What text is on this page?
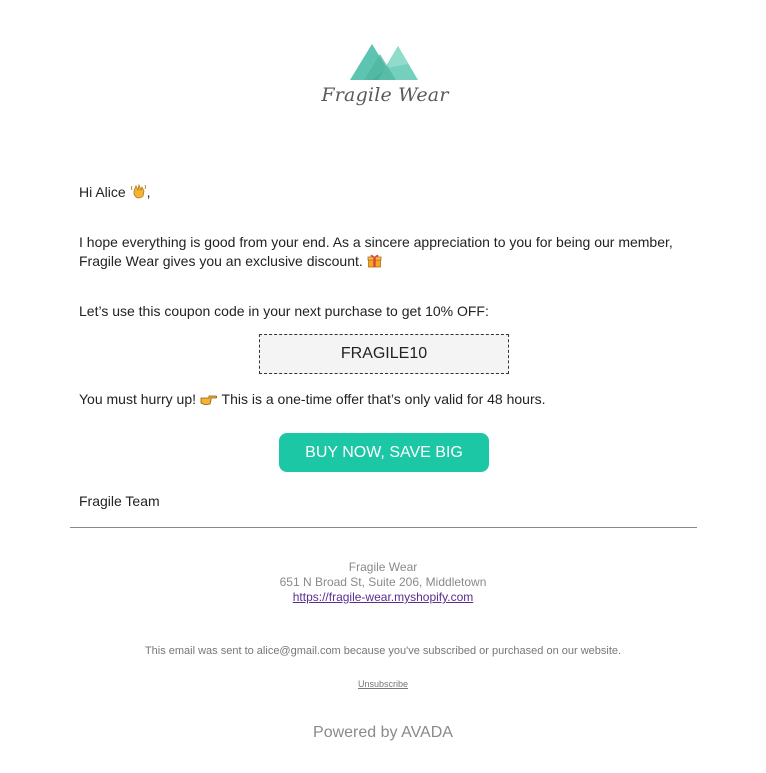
Fragile Wear
Hi Alice ,
I hope everything is good from your end. As a sincere appreciation to you for being our member,
Fragile Wear gives you an exclusive discount.
Let’s use this coupon code in your next purchase to get 10% OFF:
FRAGILE10
You must hurry up! This is a one-time offer that’s only valid for 48 hours.
BUY NOW, SAVE BIG
Fragile Team
Fragile Wear
651 N Broad St, Suite 206, Middletown
https://fragile-wear.myshopify.com
This email was sent to alice@gmail.com because you've subscribed or purchased on our website.
Unsubscribe
Powered by AVADA
